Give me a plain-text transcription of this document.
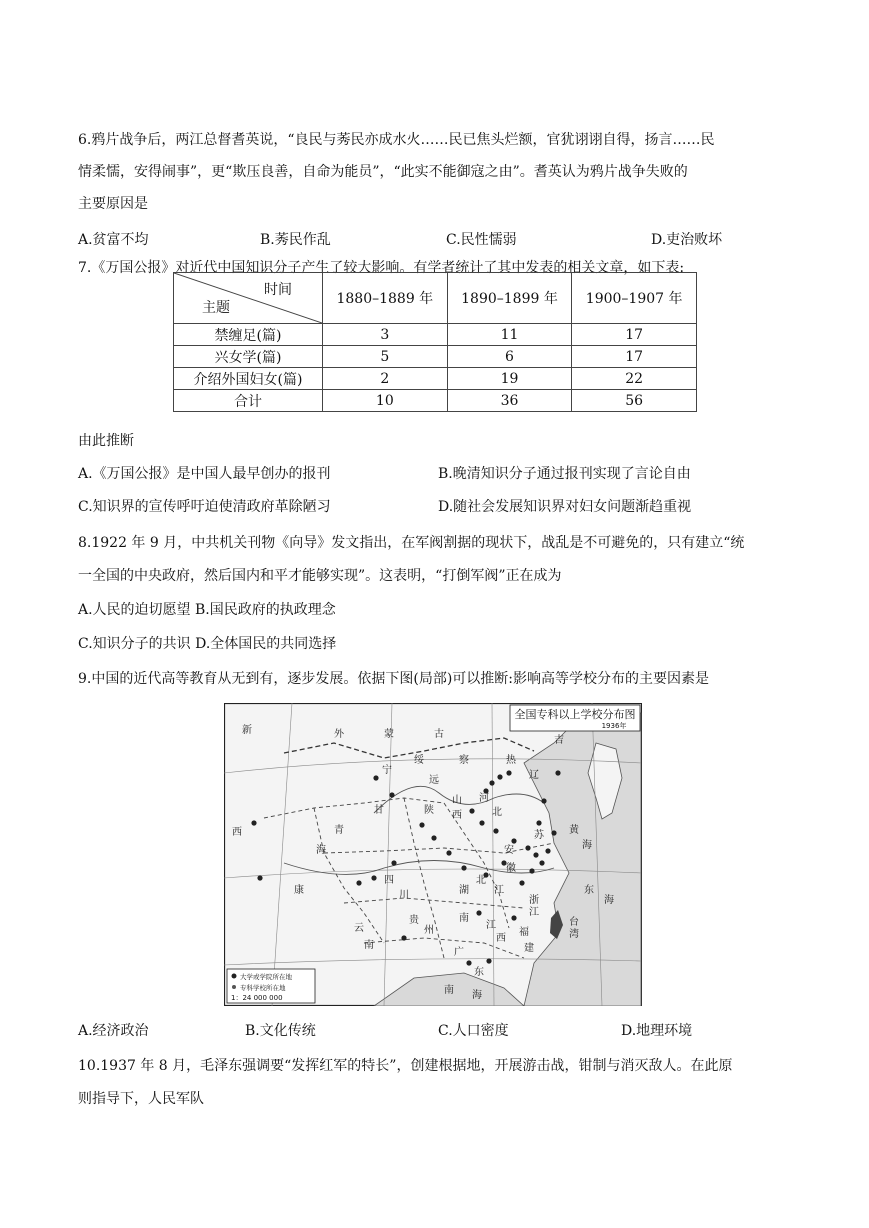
6.鸦片战争后，两江总督耆英说，“良民与莠民亦成水火……民已焦头烂额，官犹诩诩自得，扬言……民
情柔懦，安得闹事”，更“欺压良善，自命为能员”，“此实不能御寇之由”。耆英认为鸦片战争失败的
主要原因是
A.贫富不均	B.莠民作乱	C.民性懦弱	D.吏治败坏
7.《万国公报》对近代中国知识分子产生了较大影响。有学者统计了其中发表的相关文章，如下表:
时间
主题	1880–1889 年	1890–1899 年	1900–1907 年
禁缠足(篇)	3	11	17
兴女学(篇)	5	6	17
介绍外国妇女(篇)	2	19	22
合计	10	36	56
由此推断
A.《万国公报》是中国人最早创办的报刊	B.晚清知识分子通过报刊实现了言论自由
C.知识界的宣传呼吁迫使清政府革除陋习	D.随社会发展知识界对妇女问题渐趋重视
8.1922 年 9 月，中共机关刊物《向导》发文指出，在军阀割据的现状下，战乱是不可避免的，只有建立“统
一全国的中央政府，然后国内和平才能够实现”。这表明，“打倒军阀”正在成为
A.人民的迫切愿望 B.国民政府的执政理念
C.知识分子的共识 D.全体国民的共同选择
9.中国的近代高等教育从无到有，逐步发展。依据下图(局部)可以推断:影响高等学校分布的主要因素是
全国专科以上学校分布图
1936年
外	蒙	古
新
宁
绥
远
察	热
辽
吉
山
西
河
北
陕
甘
青
海
西
康
四
川	湖
北
南
安
徽
江
苏
浙
江
福
建
广
东
云
南
贵
州	江
西
黄
海
东
海
南 海
台
湾
大学或学院所在地
专科学校所在地
1：24 000 000
A.经济政治	B.文化传统	C.人口密度	D.地理环境
10.1937 年 8 月，毛泽东强调要“发挥红军的特长”，创建根据地，开展游击战，钳制与消灭敌人。在此原
则指导下，人民军队
